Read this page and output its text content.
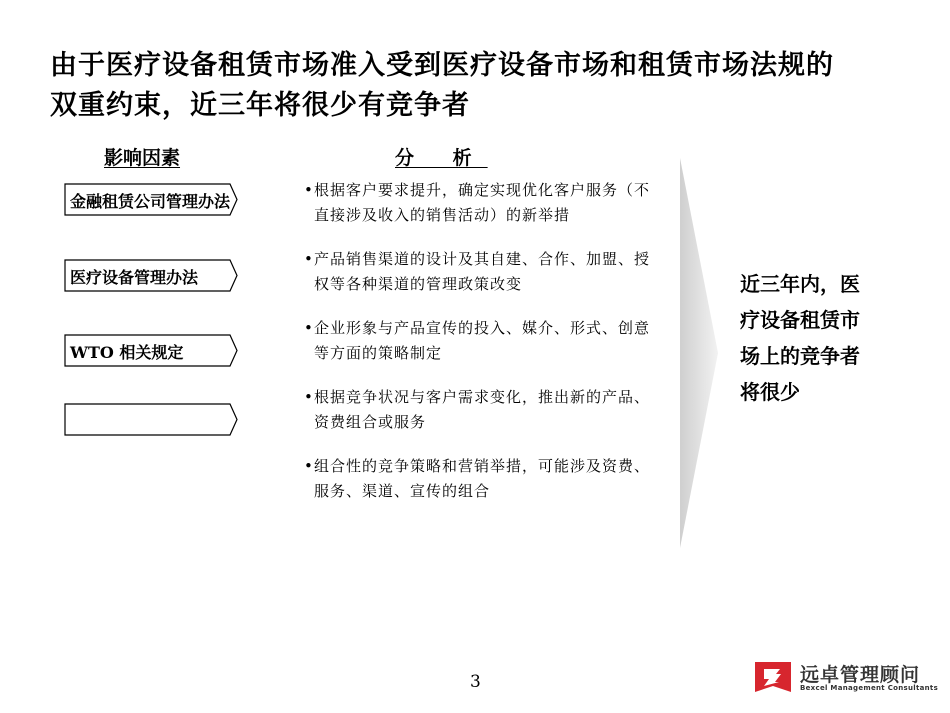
由于医疗设备租赁市场准入受到医疗设备市场和租赁市场法规的双重约束，近三年将很少有竞争者
影响因素	分 析
金融租赁公司管理办法
医疗设备管理办法
WTO 相关规定
• 根据客户要求提升，确定实现优化客户服务（不直接涉及收入的销售活动）的新举措
• 产品销售渠道的设计及其自建、合作、加盟、授权等各种渠道的管理政策改变
• 企业形象与产品宣传的投入、媒介、形式、创意等方面的策略制定
• 根据竞争状况与客户需求变化，推出新的产品、资费组合或服务
• 组合性的竞争策略和营销举措，可能涉及资费、服务、渠道、宣传的组合
近三年内，医疗设备租赁市场上的竞争者将很少
3	远卓管理顾问
Bexcel Management Consultants
